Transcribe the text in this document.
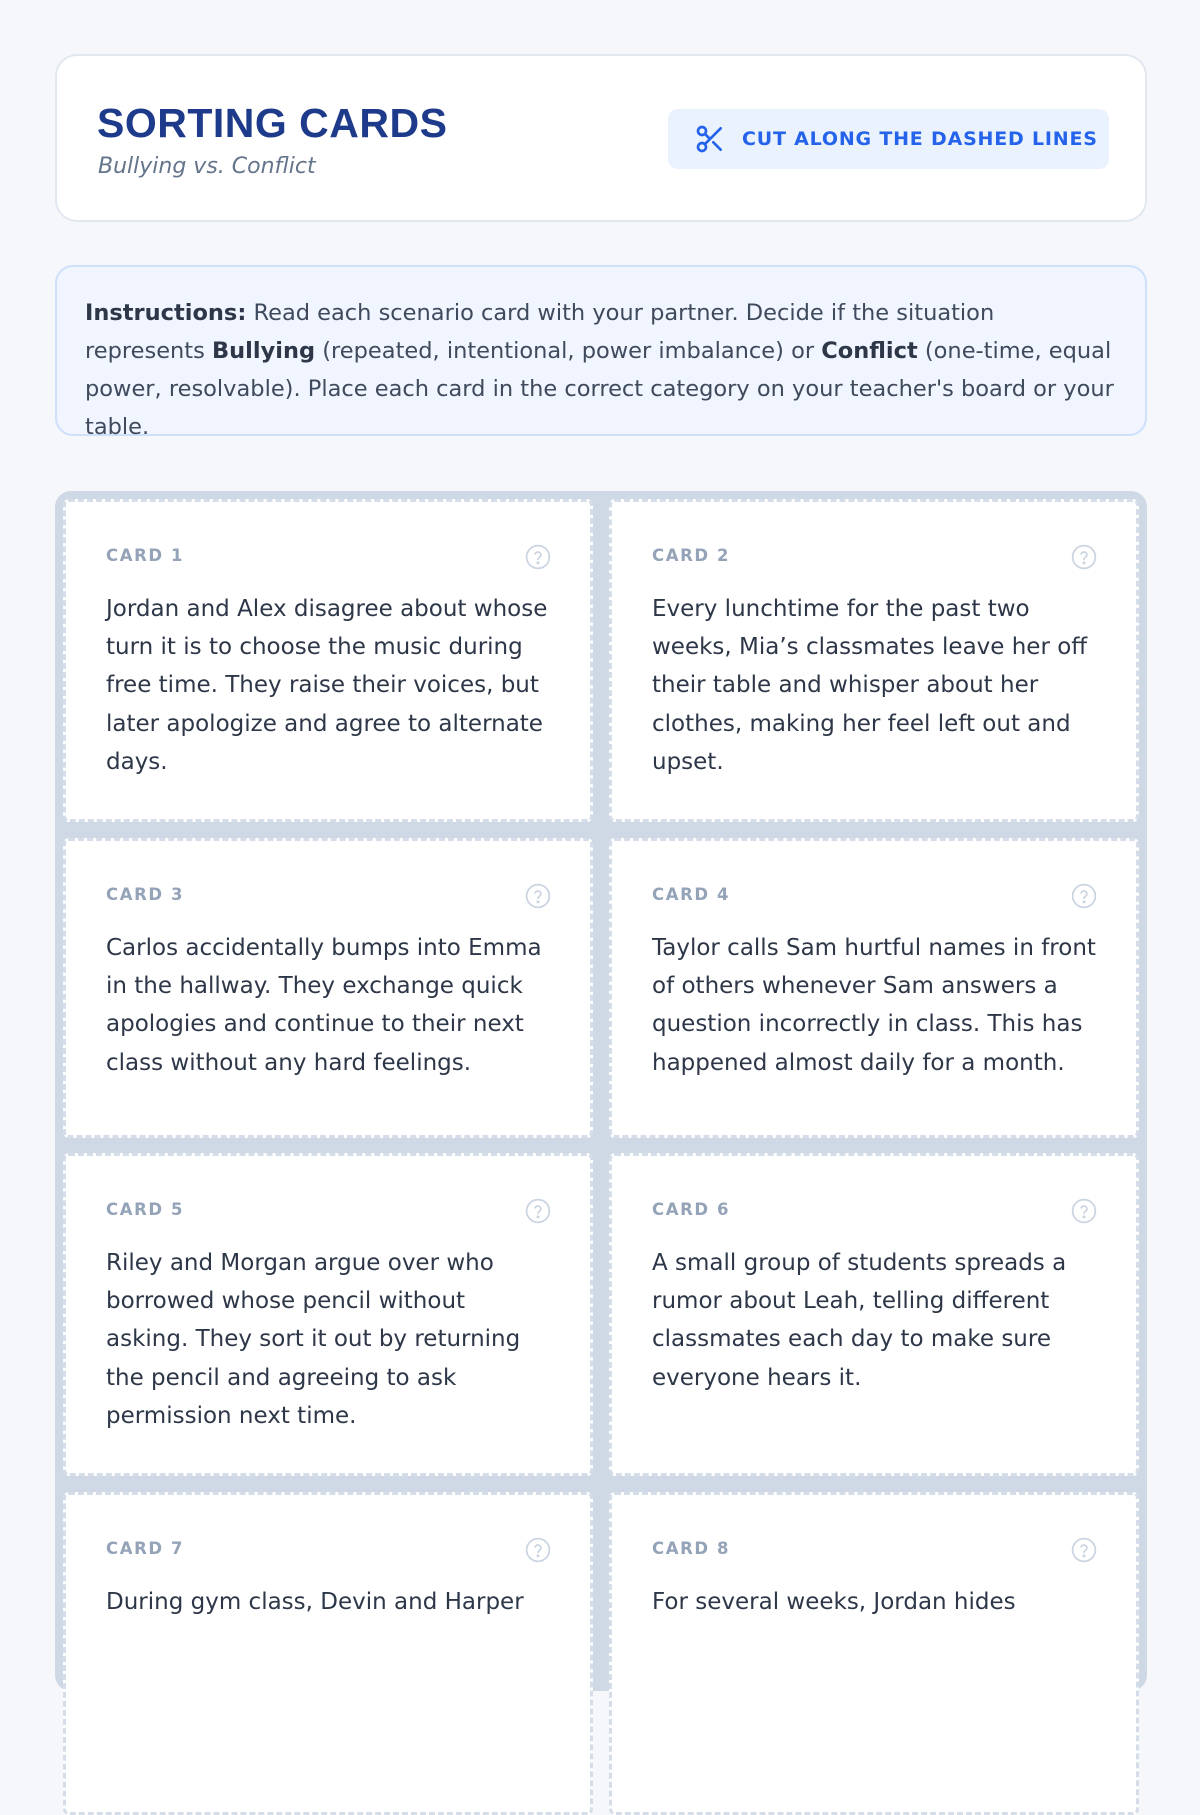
SORTING CARDS
Bullying vs. Conflict
CUT ALONG THE DASHED LINES
Instructions: Read each scenario card with your partner. Decide if the situation represents Bullying (repeated, intentional, power imbalance) or Conflict (one-time, equal power, resolvable). Place each card in the correct category on your teacher's board or your table.
CARD 1
Jordan and Alex disagree about whose turn it is to choose the music during free time. They raise their voices, but later apologize and agree to alternate days.
CARD 2
Every lunchtime for the past two weeks, Mia’s classmates leave her off their table and whisper about her clothes, making her feel left out and upset.
CARD 3
Carlos accidentally bumps into Emma in the hallway. They exchange quick apologies and continue to their next class without any hard feelings.
CARD 4
Taylor calls Sam hurtful names in front of others whenever Sam answers a question incorrectly in class. This has happened almost daily for a month.
CARD 5
Riley and Morgan argue over who borrowed whose pencil without asking. They sort it out by returning the pencil and agreeing to ask permission next time.
CARD 6
A small group of students spreads a rumor about Leah, telling different classmates each day to make sure everyone hears it.
CARD 7
During gym class, Devin and Harper
CARD 8
For several weeks, Jordan hides
